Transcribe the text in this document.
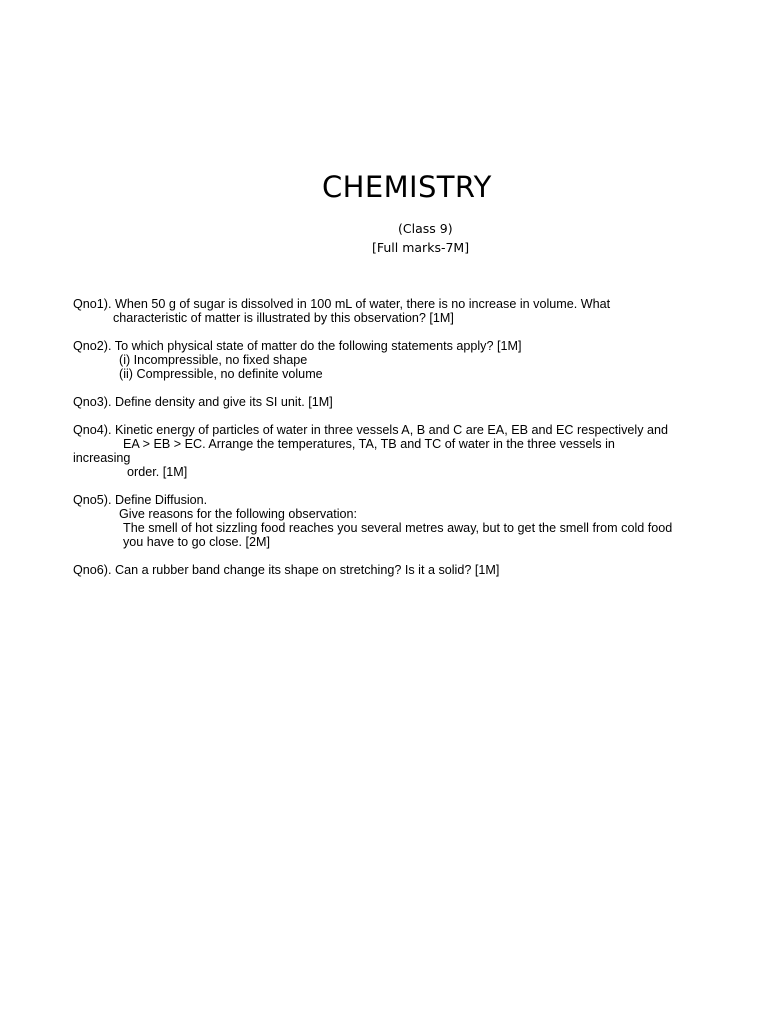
CHEMISTRY
(Class 9)
[Full marks-7M]
Qno1). When 50 g of sugar is dissolved in 100 mL of water, there is no increase in volume. What
characteristic of matter is illustrated by this observation? [1M]
Qno2). To which physical state of matter do the following statements apply? [1M]
(i) Incompressible, no fixed shape
(ii) Compressible, no definite volume
Qno3). Define density and give its SI unit. [1M]
Qno4). Kinetic energy of particles of water in three vessels A, B and C are EA, EB and EC respectively and
EA > EB > EC. Arrange the temperatures, TA, TB and TC of water in the three vessels in
increasing
order. [1M]
Qno5). Define Diffusion.
Give reasons for the following observation:
The smell of hot sizzling food reaches you several metres away, but to get the smell from cold food
you have to go close. [2M]
Qno6). Can a rubber band change its shape on stretching? Is it a solid? [1M]
